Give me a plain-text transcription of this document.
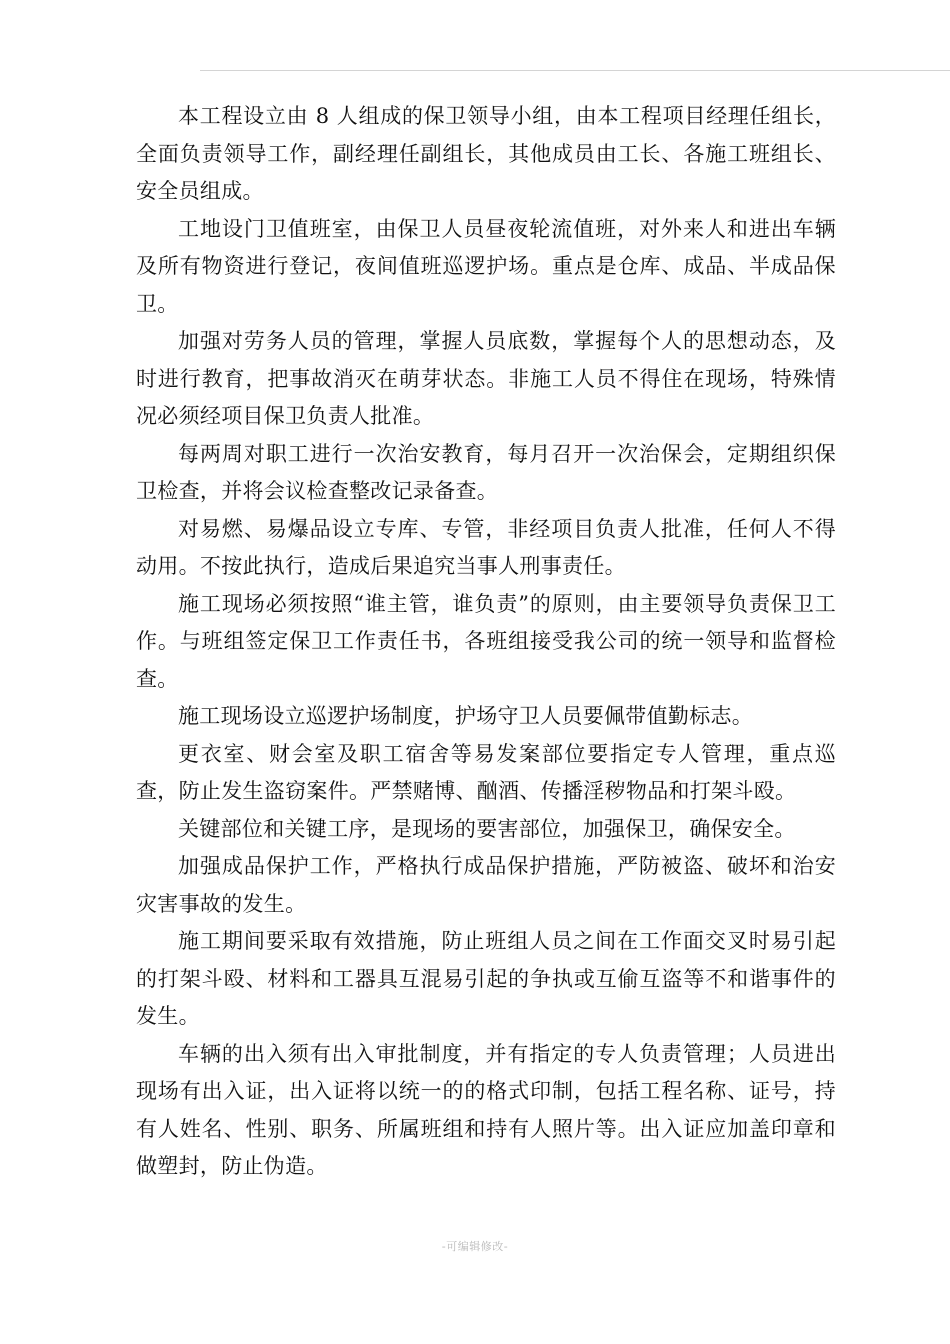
本工程设立由 8 人组成的保卫领导小组，由本工程项目经理任组长，全面负责领导工作，副经理任副组长，其他成员由工长、各施工班组长、安全员组成。

工地设门卫值班室，由保卫人员昼夜轮流值班，对外来人和进出车辆及所有物资进行登记，夜间值班巡逻护场。重点是仓库、成品、半成品保卫。

加强对劳务人员的管理，掌握人员底数，掌握每个人的思想动态，及时进行教育，把事故消灭在萌芽状态。非施工人员不得住在现场，特殊情况必须经项目保卫负责人批准。

每两周对职工进行一次治安教育，每月召开一次治保会，定期组织保卫检查，并将会议检查整改记录备查。

对易燃、易爆品设立专库、专管，非经项目负责人批准，任何人不得动用。不按此执行，造成后果追究当事人刑事责任。

施工现场必须按照“谁主管，谁负责”的原则，由主要领导负责保卫工作。与班组签定保卫工作责任书，各班组接受我公司的统一领导和监督检查。

施工现场设立巡逻护场制度，护场守卫人员要佩带值勤标志。

更衣室、财会室及职工宿舍等易发案部位要指定专人管理，重点巡查，防止发生盗窃案件。严禁赌博、酗酒、传播淫秽物品和打架斗殴。

关键部位和关键工序，是现场的要害部位，加强保卫，确保安全。

加强成品保护工作，严格执行成品保护措施，严防被盗、破坏和治安灾害事故的发生。

施工期间要采取有效措施，防止班组人员之间在工作面交叉时易引起的打架斗殴、材料和工器具互混易引起的争执或互偷互盗等不和谐事件的发生。

车辆的出入须有出入审批制度，并有指定的专人负责管理；人员进出现场有出入证，出入证将以统一的的格式印制，包括工程名称、证号，持有人姓名、性别、职务、所属班组和持有人照片等。出入证应加盖印章和做塑封，防止伪造。

-可编辑修改-
